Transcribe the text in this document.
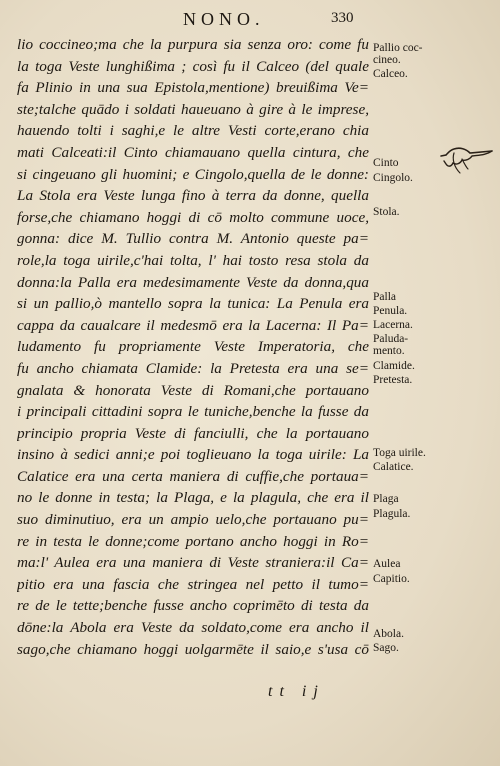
NONO.	330
lio coccineo;ma che la purpura sia senza oro: come fu
la toga Veste lunghißima ; così fu il Calceo (del quale
fa Plinio in una sua Epistola,mentione) breuißima Ve=
ste;talche quādo i soldati haueuano à gire à le imprese,
hauendo tolti i saghi,e le altre Vesti corte,erano chia
mati Calceati:il Cinto chiamauano quella cintura, che
si cingeuano gli huomini; e Cingolo,quella de le donne:
La Stola era Veste lunga fino à terra da donne, quella
forse,che chiamano hoggi di cō molto commune uoce,
gonna: dice M. Tullio contra M. Antonio queste pa=
role,la toga uirile,c'hai tolta, l' hai tosto resa stola da
donna:la Palla era medesimamente Veste da donna,qua
si un pallio,ò mantello sopra la tunica: La Penula era
cappa da caualcare il medesmō era la Lacerna: Il Pa=
ludamento fu propriamente Veste Imperatoria, che
fu ancho chiamata Clamide: la Pretesta era una se=
gnalata & honorata Veste di Romani,che portauano
i principali cittadini sopra le tuniche,benche la fusse da
principio propria Veste di fanciulli, che la portauano
insino à sedici anni;e poi toglieuano la toga uirile: La
Calatice era una certa maniera di cuffie,che portaua=
no le donne in testa; la Plaga, e la plagula, che era il
suo diminutiuo, era un ampio uelo,che portauano pu=
re in testa le donne;come portano ancho hoggi in Ro=
ma:l' Aulea era una maniera di Veste straniera:il Ca=
pitio era una fascia che stringea nel petto il tumo=
re de le tette;benche fusse ancho coprimēto di testa da
dōne:la Abola era Veste da soldato,come era ancho il
sago,che chiamano hoggi uolgarmēte il saio,e s'usa cō
Pallio coc-
cineo.
Calceo.
Cinto
Cingolo.
Stola.
Palla
Penula.
Lacerna.
Paluda-
mento.
Clamide.
Pretesta.
Toga uirile.
Calatice.
Plaga
Plagula.
Aulea
Capitio.
Abola.
Sago.
tt ij
